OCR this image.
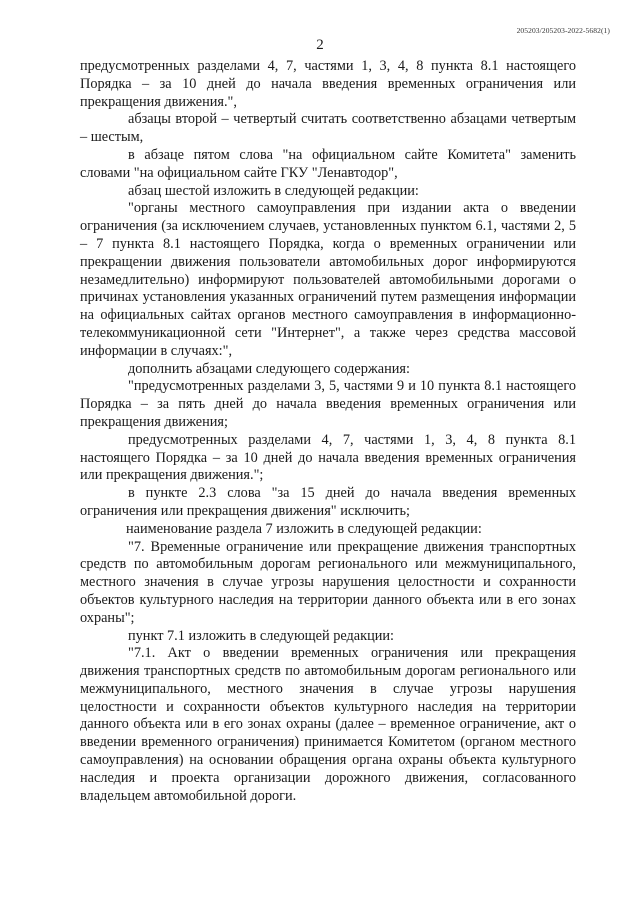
205203/205203-2022-5682(1)
2

предусмотренных разделами 4, 7, частями 1, 3, 4, 8 пункта 8.1 настоящего Порядка – за 10 дней до начала введения временных ограничения или прекращения движения.",

абзацы второй – четвертый считать соответственно абзацами четвертым – шестым,

в абзаце пятом слова "на официальном сайте Комитета" заменить словами "на официальном сайте ГКУ "Ленавтодор",

абзац шестой изложить в следующей редакции:

"органы местного самоуправления при издании акта о введении ограничения (за исключением случаев, установленных пунктом 6.1, частями 2, 5 – 7 пункта 8.1 настоящего Порядка, когда о временных ограничении или прекращении движения пользователи автомобильных дорог информируются незамедлительно) информируют пользователей автомобильными дорогами о причинах установления указанных ограничений путем размещения информации на официальных сайтах органов местного самоуправления в информационно-телекоммуникационной сети "Интернет", а также через средства массовой информации в случаях:",

дополнить абзацами следующего содержания:

"предусмотренных разделами 3, 5, частями 9 и 10 пункта 8.1 настоящего Порядка – за пять дней до начала введения временных ограничения или прекращения движения;

предусмотренных разделами 4, 7, частями 1, 3, 4, 8 пункта 8.1 настоящего Порядка – за 10 дней до начала введения временных ограничения или прекращения движения.";

в пункте 2.3 слова "за 15 дней до начала введения временных ограничения или прекращения движения" исключить;

наименование раздела 7 изложить в следующей редакции:

"7. Временные ограничение или прекращение движения транспортных средств по автомобильным дорогам регионального или межмуниципального, местного значения в случае угрозы нарушения целостности и сохранности объектов культурного наследия на территории данного объекта или в его зонах охраны";

пункт 7.1 изложить в следующей редакции:

"7.1. Акт о введении временных ограничения или прекращения движения транспортных средств по автомобильным дорогам регионального или межмуниципального, местного значения в случае угрозы нарушения целостности и сохранности объектов культурного наследия на территории данного объекта или в его зонах охраны (далее – временное ограничение, акт о введении временного ограничения) принимается Комитетом (органом местного самоуправления) на основании обращения органа охраны объекта культурного наследия и проекта организации дорожного движения, согласованного владельцем автомобильной дороги.
